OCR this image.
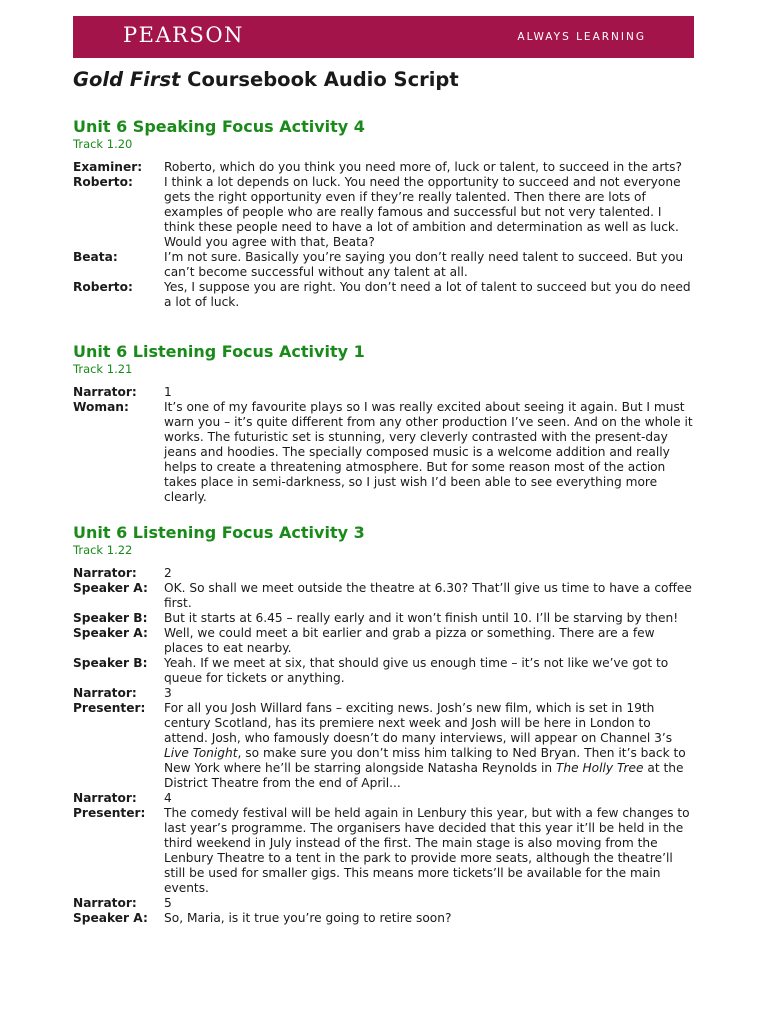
PEARSON	ALWAYS LEARNING
Gold First Coursebook Audio Script
Unit 6 Speaking Focus Activity 4

Track 1.20

Examiner:	Roberto, which do you think you need more of, luck or talent, to succeed in the arts?
Roberto:	I think a lot depends on luck. You need the opportunity to succeed and not everyone gets the right opportunity even if they’re really talented. Then there are lots of examples of people who are really famous and successful but not very talented. I think these people need to have a lot of ambition and determination as well as luck. Would you agree with that, Beata?
Beata:	I’m not sure. Basically you’re saying you don’t really need talent to succeed. But you can’t become successful without any talent at all.
Roberto:	Yes, I suppose you are right. You don’t need a lot of talent to succeed but you do need a lot of luck.
Unit 6 Listening Focus Activity 1

Track 1.21

Narrator:	1
Woman:	It’s one of my favourite plays so I was really excited about seeing it again. But I must warn you – it’s quite different from any other production I’ve seen. And on the whole it works. The futuristic set is stunning, very cleverly contrasted with the present-day jeans and hoodies. The specially composed music is a welcome addition and really helps to create a threatening atmosphere. But for some reason most of the action takes place in semi-darkness, so I just wish I’d been able to see everything more clearly.
Unit 6 Listening Focus Activity 3

Track 1.22

Narrator:	2
Speaker A:	OK. So shall we meet outside the theatre at 6.30? That’ll give us time to have a coffee first.
Speaker B:	But it starts at 6.45 – really early and it won’t finish until 10. I’ll be starving by then!
Speaker A:	Well, we could meet a bit earlier and grab a pizza or something. There are a few places to eat nearby.
Speaker B:	Yeah. If we meet at six, that should give us enough time – it’s not like we’ve got to queue for tickets or anything.
Narrator:	3
Presenter:	For all you Josh Willard fans – exciting news. Josh’s new film, which is set in 19th century Scotland, has its premiere next week and Josh will be here in London to attend. Josh, who famously doesn’t do many interviews, will appear on Channel 3’s Live Tonight, so make sure you don’t miss him talking to Ned Bryan. Then it’s back to New York where he’ll be starring alongside Natasha Reynolds in The Holly Tree at the District Theatre from the end of April...
Narrator:	4
Presenter:	The comedy festival will be held again in Lenbury this year, but with a few changes to last year’s programme. The organisers have decided that this year it’ll be held in the third weekend in July instead of the first. The main stage is also moving from the Lenbury Theatre to a tent in the park to provide more seats, although the theatre’ll still be used for smaller gigs. This means more tickets’ll be available for the main events.
Narrator:	5
Speaker A:	So, Maria, is it true you’re going to retire soon?
